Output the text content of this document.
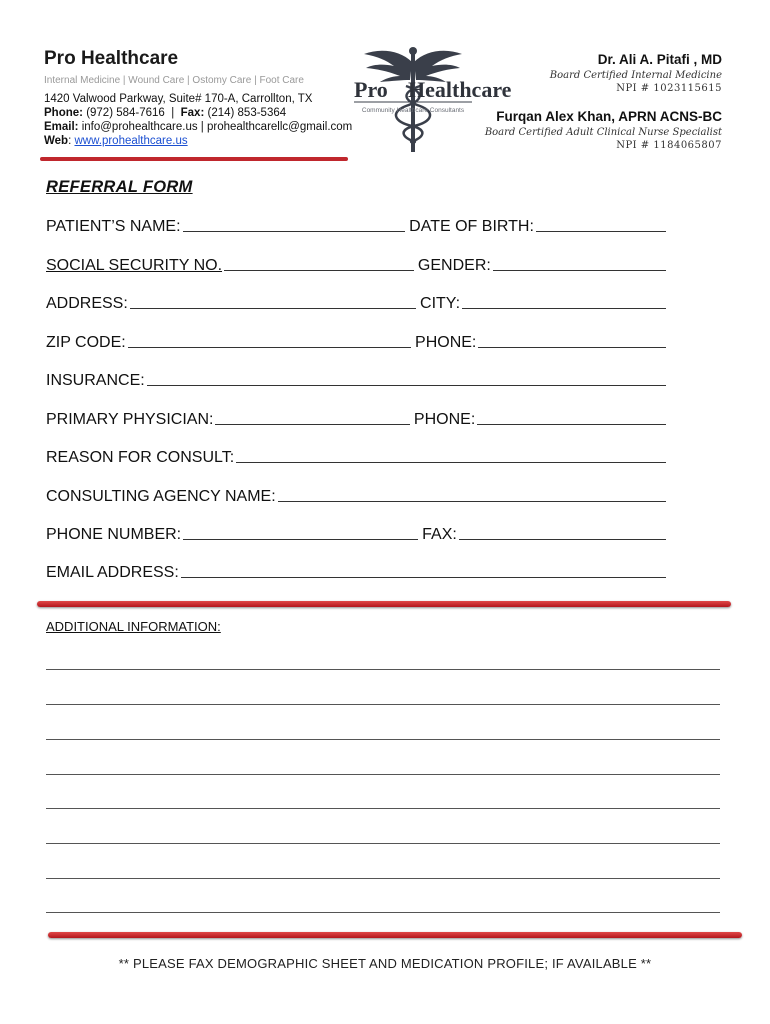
Pro Healthcare
Internal Medicine | Wound Care | Ostomy Care | Foot Care
1420 Valwood Parkway, Suite# 170-A, Carrollton, TX
Phone: (972) 584-7616  |  Fax: (214) 853-5364
Email: info@prohealthcare.us | prohealthcarellc@gmail.com
Web: www.prohealthcare.us
Pro Healthcare
Community Healthcare Consultants
Dr. Ali A. Pitafi , MD
Board Certified Internal Medicine
NPI # 1023115615
Furqan Alex Khan, APRN ACNS-BC
Board Certified Adult Clinical Nurse Specialist
NPI # 1184065807
REFERRAL FORM
PATIENT’S NAME:	DATE OF BIRTH:
SOCIAL SECURITY NO.	GENDER:
ADDRESS:	CITY:
ZIP CODE:	PHONE:
INSURANCE:
PRIMARY PHYSICIAN:	PHONE:
REASON FOR CONSULT:
CONSULTING AGENCY NAME:
PHONE NUMBER:	FAX:
EMAIL ADDRESS:
ADDITIONAL INFORMATION:
** PLEASE FAX DEMOGRAPHIC SHEET AND MEDICATION PROFILE; IF AVAILABLE **
